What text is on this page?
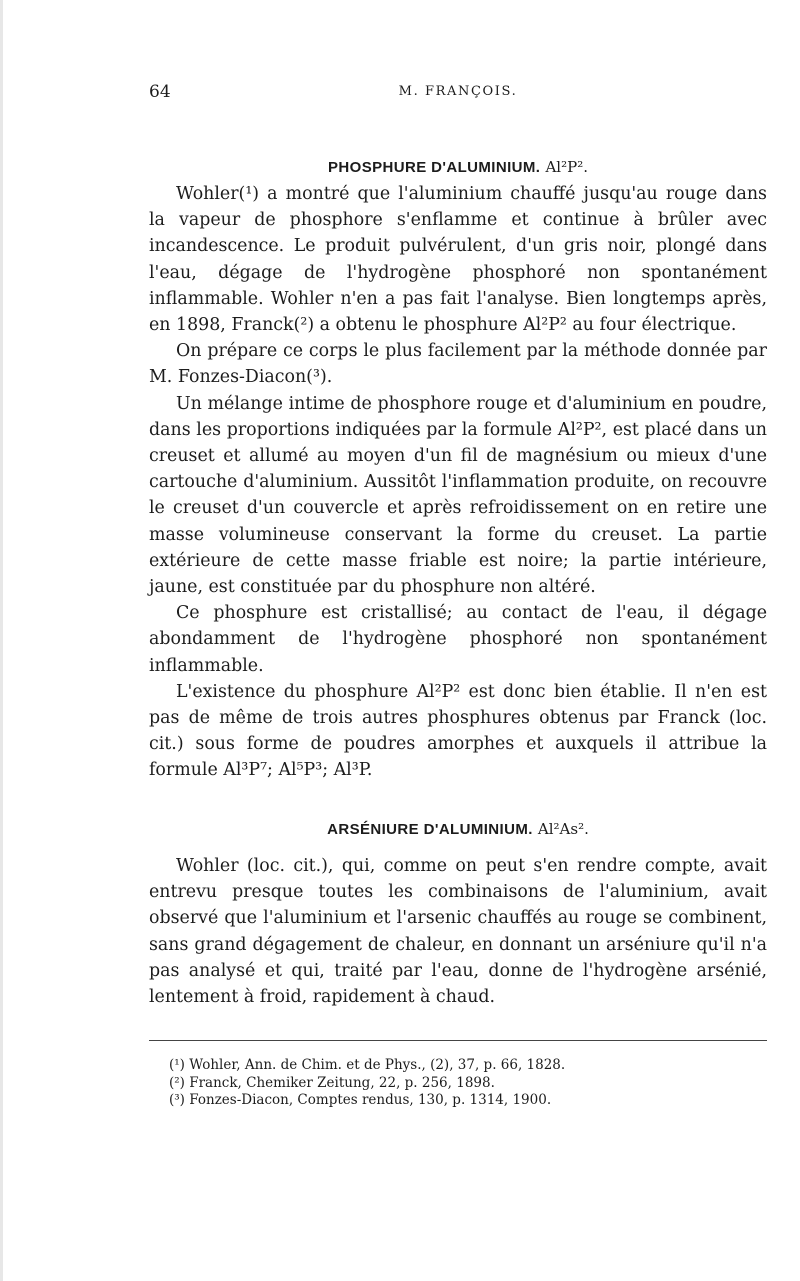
64	M. FRANÇOIS.
PHOSPHURE D'ALUMINIUM. Al²P².

Wohler(¹) a montré que l'aluminium chauffé jusqu'au rouge dans la vapeur de phosphore s'enflamme et continue à brûler avec incandescence. Le produit pulvérulent, d'un gris noir, plongé dans l'eau, dégage de l'hydrogène phosphoré non spontanément inflammable. Wohler n'en a pas fait l'analyse. Bien longtemps après, en 1898, Franck(²) a obtenu le phosphure Al²P² au four électrique.

On prépare ce corps le plus facilement par la méthode donnée par M. Fonzes-Diacon(³).

Un mélange intime de phosphore rouge et d'aluminium en poudre, dans les proportions indiquées par la formule Al²P², est placé dans un creuset et allumé au moyen d'un fil de magnésium ou mieux d'une cartouche d'aluminium. Aussitôt l'inflammation produite, on recouvre le creuset d'un couvercle et après refroidissement on en retire une masse volumineuse conservant la forme du creuset. La partie extérieure de cette masse friable est noire; la partie intérieure, jaune, est constituée par du phosphure non altéré.

Ce phosphure est cristallisé; au contact de l'eau, il dégage abondamment de l'hydrogène phosphoré non spontanément inflammable.

L'existence du phosphure Al²P² est donc bien établie. Il n'en est pas de même de trois autres phosphures obtenus par Franck (loc. cit.) sous forme de poudres amorphes et auxquels il attribue la formule Al³P⁷; Al⁵P³; Al³P.

ARSÉNIURE D'ALUMINIUM. Al²As².

Wohler (loc. cit.), qui, comme on peut s'en rendre compte, avait entrevu presque toutes les combinaisons de l'aluminium, avait observé que l'aluminium et l'arsenic chauffés au rouge se combinent, sans grand dégagement de chaleur, en donnant un arséniure qu'il n'a pas analysé et qui, traité par l'eau, donne de l'hydrogène arsénié, lentement à froid, rapidement à chaud.

(¹) Wohler, Ann. de Chim. et de Phys., (2), 37, p. 66, 1828.
(²) Franck, Chemiker Zeitung, 22, p. 256, 1898.
(³) Fonzes-Diacon, Comptes rendus, 130, p. 1314, 1900.
